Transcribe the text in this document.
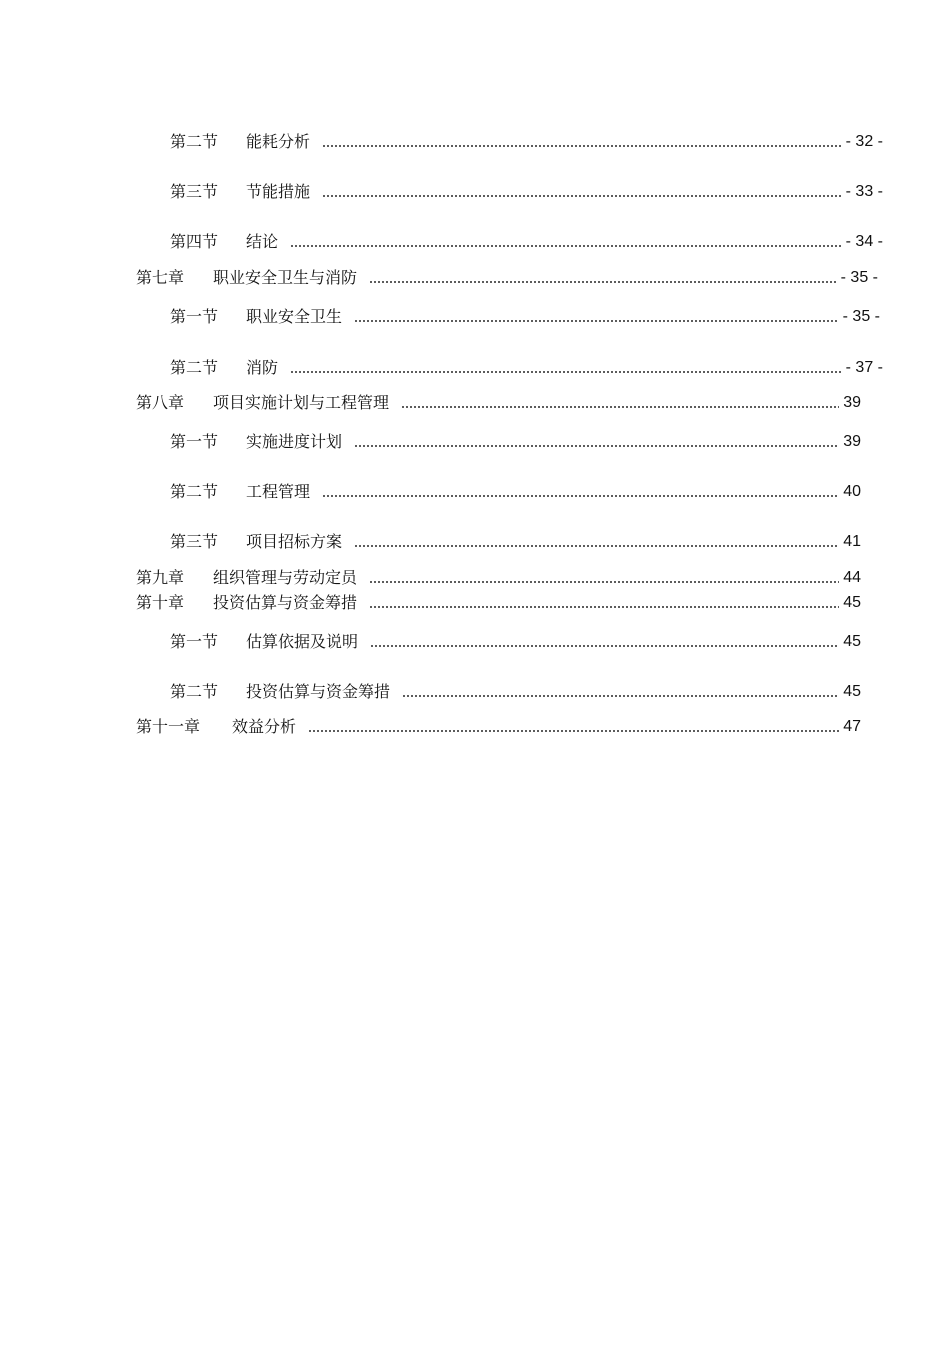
第二节	能耗分析	- 32 -
第三节	节能措施	- 33 -
第四节	结论	- 34 -
第七章	职业安全卫生与消防	- 35 -
第一节	职业安全卫生	- 35 -
第二节	消防	- 37 -
第八章	项目实施计划与工程管理	39
第一节	实施进度计划	39
第二节	工程管理	40
第三节	项目招标方案	41
第九章	组织管理与劳动定员	44
第十章	投资估算与资金筹措	45
第一节	估算依据及说明	45
第二节	投资估算与资金筹措	45
第十一章	效益分析	47
